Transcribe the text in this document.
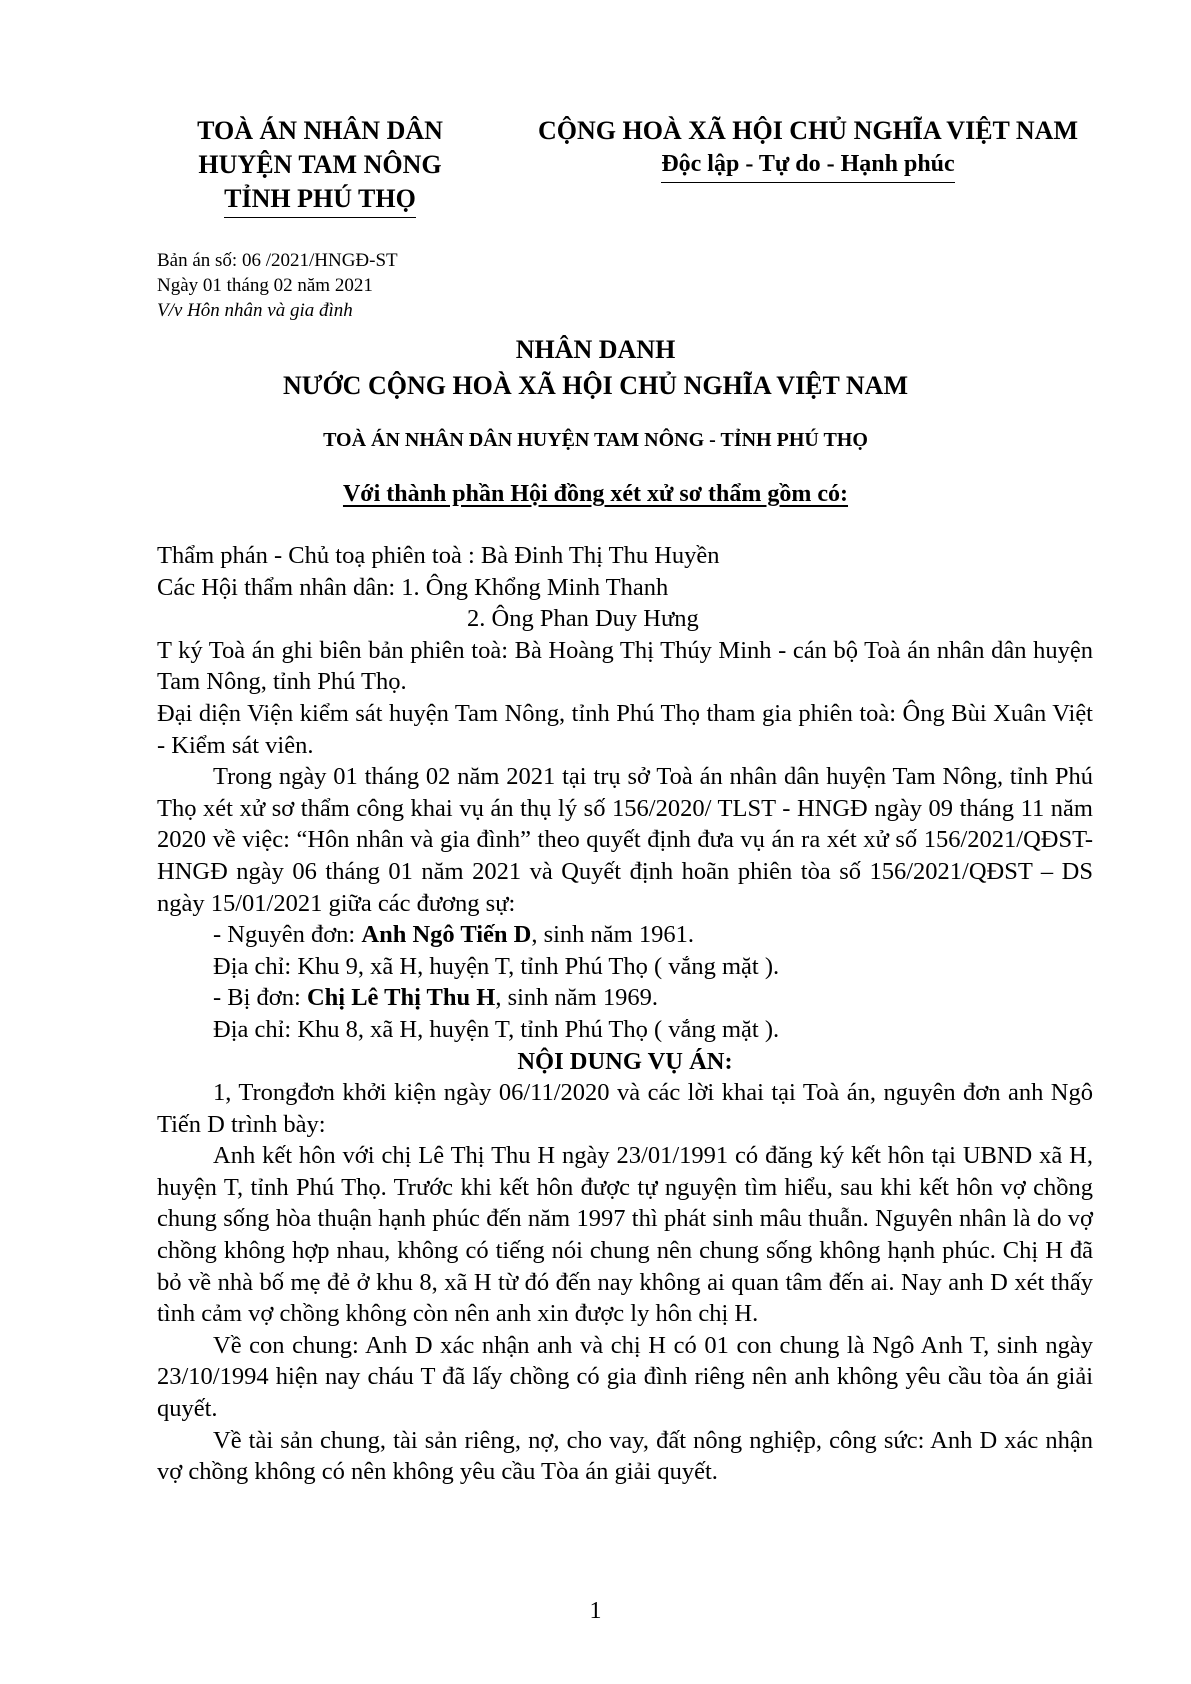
TOÀ ÁN NHÂN DÂN
HUYỆN TAM NÔNG
TỈNH PHÚ THỌ
CỘNG HOÀ XÃ HỘI CHỦ NGHĨA VIỆT NAM
Độc lập - Tự do - Hạnh phúc
Bản án số: 06 /2021/HNGĐ-ST
Ngày 01 tháng 02 năm 2021
V/v Hôn nhân và gia đình
NHÂN DANH
NƯỚC CỘNG HOÀ XÃ HỘI CHỦ NGHĨA VIỆT NAM
TOÀ ÁN NHÂN DÂN HUYỆN TAM NÔNG - TỈNH PHÚ THỌ
Với thành phần Hội đồng xét xử sơ thẩm gồm có:

Thẩm phán - Chủ toạ phiên toà : Bà Đinh Thị Thu Huyền

Các Hội thẩm nhân dân: 1. Ông Khổng Minh Thanh

2. Ông Phan Duy Hưng

T ký Toà án ghi biên bản phiên toà: Bà Hoàng Thị Thúy Minh - cán bộ Toà án nhân dân huyện Tam Nông, tỉnh Phú Thọ.

Đại diện Viện kiểm sát huyện Tam Nông, tỉnh Phú Thọ tham gia phiên toà: Ông Bùi Xuân Việt - Kiểm sát viên.

Trong ngày 01 tháng 02 năm 2021 tại trụ sở Toà án nhân dân huyện Tam Nông, tỉnh Phú Thọ xét xử sơ thẩm công khai vụ án thụ lý số 156/2020/ TLST - HNGĐ ngày 09 tháng 11 năm 2020 về việc: “Hôn nhân và gia đình” theo quyết định đưa vụ án ra xét xử số 156/2021/QĐST-HNGĐ ngày 06 tháng 01 năm 2021 và Quyết định hoãn phiên tòa số 156/2021/QĐST – DS ngày 15/01/2021 giữa các đương sự:

- Nguyên đơn: Anh Ngô Tiến D, sinh năm 1961.

Địa chỉ: Khu 9, xã H, huyện T, tỉnh Phú Thọ ( vắng mặt ).

- Bị đơn: Chị Lê Thị Thu H, sinh năm 1969.

Địa chỉ: Khu 8, xã H, huyện T, tỉnh Phú Thọ ( vắng mặt ).

NỘI DUNG VỤ ÁN:

1, Trongđơn khởi kiện ngày 06/11/2020 và các lời khai tại Toà án, nguyên đơn anh Ngô Tiến D trình bày:

Anh kết hôn với chị Lê Thị Thu H ngày 23/01/1991 có đăng ký kết hôn tại UBND xã H, huyện T, tỉnh Phú Thọ. Trước khi kết hôn được tự nguyện tìm hiểu, sau khi kết hôn vợ chồng chung sống hòa thuận hạnh phúc đến năm 1997 thì phát sinh mâu thuẫn. Nguyên nhân là do vợ chồng không hợp nhau, không có tiếng nói chung nên chung sống không hạnh phúc. Chị H đã bỏ về nhà bố mẹ đẻ ở khu 8, xã H từ đó đến nay không ai quan tâm đến ai. Nay anh D xét thấy tình cảm vợ chồng không còn nên anh xin được ly hôn chị H.

Về con chung: Anh D xác nhận anh và chị H có 01 con chung là Ngô Anh T, sinh ngày 23/10/1994 hiện nay cháu T đã lấy chồng có gia đình riêng nên anh không yêu cầu tòa án giải quyết.

Về tài sản chung, tài sản riêng, nợ, cho vay, đất nông nghiệp, công sức: Anh D xác nhận vợ chồng không có nên không yêu cầu Tòa án giải quyết.

1
